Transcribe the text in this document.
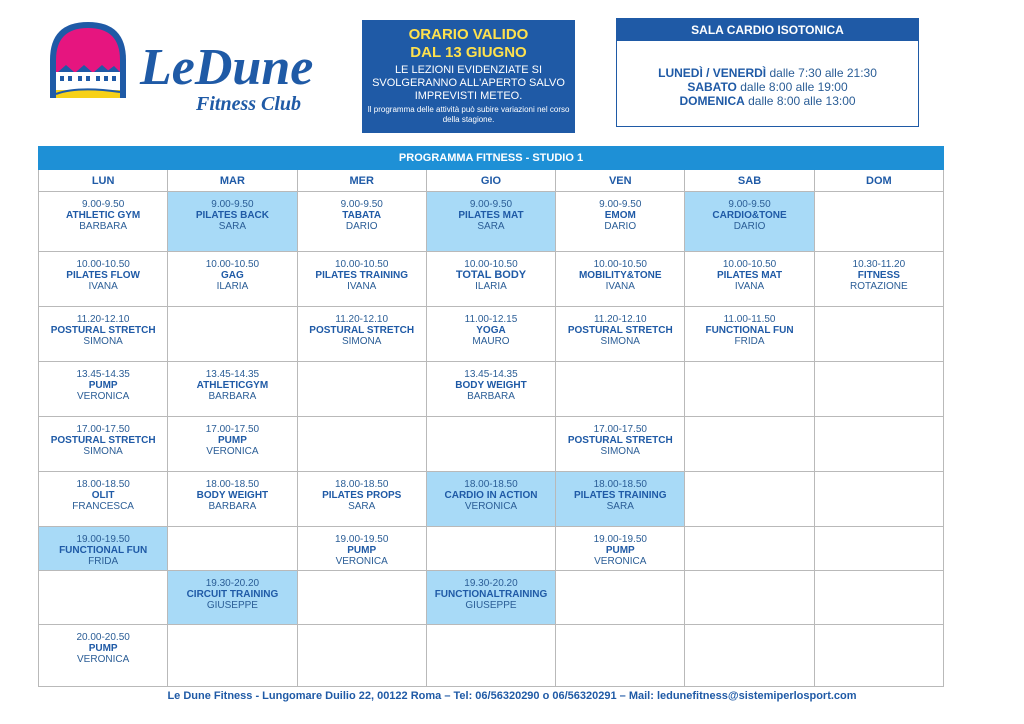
LeDune
Fitness Club
ORARIO VALIDO
DAL 13 GIUGNO
LE LEZIONI EVIDENZIATE SI SVOLGERANNO ALL'APERTO SALVO IMPREVISTI METEO.
Il programma delle attività può subire variazioni nel corso della stagione.
SALA CARDIO ISOTONICA
LUNEDÌ / VENERDÌ dalle 7:30 alle 21:30
SABATO dalle 8:00 alle 19:00
DOMENICA dalle 8:00 alle 13:00
PROGRAMMA FITNESS - STUDIO 1						
LUN	MAR	MER	GIO	VEN	SAB	DOM

9.00-9.50
ATHLETIC GYM
BARBARA	9.00-9.50
PILATES BACK
SARA	9.00-9.50
TABATA
DARIO	9.00-9.50
PILATES MAT
SARA	9.00-9.50
EMOM
DARIO	9.00-9.50
CARDIO&TONE
DARIO	

10.00-10.50
PILATES FLOW
IVANA	10.00-10.50
GAG
ILARIA	10.00-10.50
PILATES TRAINING
IVANA	10.00-10.50
TOTAL BODY
ILARIA	10.00-10.50
MOBILITY&TONE
IVANA	10.00-10.50
PILATES MAT
IVANA	10.30-11.20
FITNESS
ROTAZIONE

11.20-12.10
POSTURAL STRETCH
SIMONA		11.20-12.10
POSTURAL STRETCH
SIMONA	11.00-12.15
YOGA
MAURO	11.20-12.10
POSTURAL STRETCH
SIMONA	11.00-11.50
FUNCTIONAL FUN
FRIDA	

13.45-14.35
PUMP
VERONICA	13.45-14.35
ATHLETICGYM
BARBARA		13.45-14.35
BODY WEIGHT
BARBARA			

17.00-17.50
POSTURAL STRETCH
SIMONA	17.00-17.50
PUMP
VERONICA			17.00-17.50
POSTURAL STRETCH
SIMONA		

18.00-18.50
OLIT
FRANCESCA	18.00-18.50
BODY WEIGHT
BARBARA	18.00-18.50
PILATES PROPS
SARA	18.00-18.50
CARDIO IN ACTION
VERONICA	18.00-18.50
PILATES TRAINING
SARA		

19.00-19.50
FUNCTIONAL FUN
FRIDA		19.00-19.50
PUMP
VERONICA		19.00-19.50
PUMP
VERONICA		

	19.30-20.20
CIRCUIT TRAINING
GIUSEPPE		19.30-20.20
FUNCTIONALTRAINING
GIUSEPPE			

20.00-20.50
PUMP
VERONICA						

Le Dune Fitness - Lungomare Duilio 22, 00122 Roma – Tel: 06/56320290 o 06/56320291 – Mail: ledunefitness@sistemiperlosport.com
